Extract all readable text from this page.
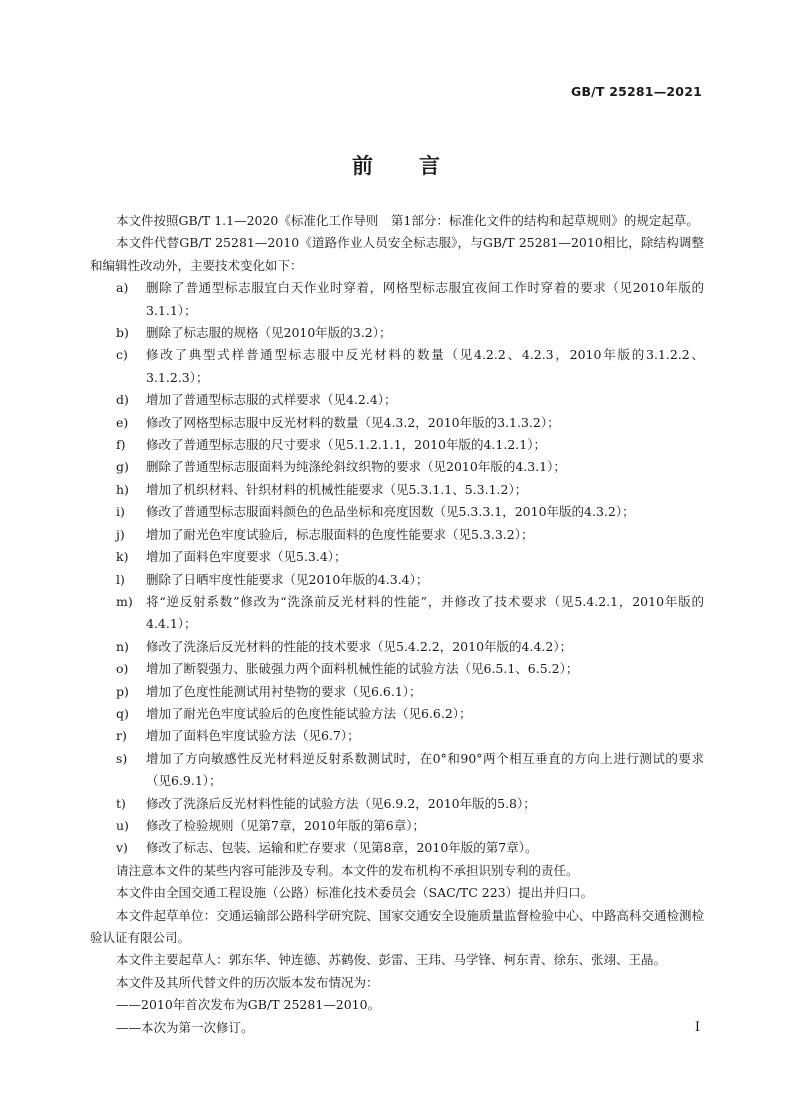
GB/T 25281—2021
前言

本文件按照GB/T 1.1—2020《标准化工作导则　第1部分：标准化文件的结构和起草规则》的规定起草。

本文件代替GB/T 25281—2010《道路作业人员安全标志服》，与GB/T 25281—2010相比，除结构调整和编辑性改动外，主要技术变化如下：

a)	删除了普通型标志服宜白天作业时穿着，网格型标志服宜夜间工作时穿着的要求（见2010年版的3.1.1）；
b)	删除了标志服的规格（见2010年版的3.2）；
c)	修改了典型式样普通型标志服中反光材料的数量（见4.2.2、4.2.3，2010年版的3.1.2.2、3.1.2.3）；
d)	增加了普通型标志服的式样要求（见4.2.4）；
e)	修改了网格型标志服中反光材料的数量（见4.3.2，2010年版的3.1.3.2）；
f)	修改了普通型标志服的尺寸要求（见5.1.2.1.1，2010年版的4.1.2.1）；
g)	删除了普通型标志服面料为纯涤纶斜纹织物的要求（见2010年版的4.3.1）；
h)	增加了机织材料、针织材料的机械性能要求（见5.3.1.1、5.3.1.2）；
i)	修改了普通型标志服面料颜色的色品坐标和亮度因数（见5.3.3.1，2010年版的4.3.2）；
j)	增加了耐光色牢度试验后，标志服面料的色度性能要求（见5.3.3.2）；
k)	增加了面料色牢度要求（见5.3.4）；
l)	删除了日晒牢度性能要求（见2010年版的4.3.4）；
m)	将“逆反射系数”修改为“洗涤前反光材料的性能”，并修改了技术要求（见5.4.2.1，2010年版的4.4.1）；
n)	修改了洗涤后反光材料的性能的技术要求（见5.4.2.2，2010年版的4.4.2）；
o)	增加了断裂强力、胀破强力两个面料机械性能的试验方法（见6.5.1、6.5.2）；
p)	增加了色度性能测试用衬垫物的要求（见6.6.1）；
q)	增加了耐光色牢度试验后的色度性能试验方法（见6.6.2）；
r)	增加了面料色牢度试验方法（见6.7）；
s)	增加了方向敏感性反光材料逆反射系数测试时，在0°和90°两个相互垂直的方向上进行测试的要求（见6.9.1）；
t)	修改了洗涤后反光材料性能的试验方法（见6.9.2，2010年版的5.8）；
u)	修改了检验规则（见第7章，2010年版的第6章）；
v)	修改了标志、包装、运输和贮存要求（见第8章，2010年版的第7章）。

请注意本文件的某些内容可能涉及专利。本文件的发布机构不承担识别专利的责任。

本文件由全国交通工程设施（公路）标准化技术委员会（SAC/TC 223）提出并归口。

本文件起草单位：交通运输部公路科学研究院、国家交通安全设施质量监督检验中心、中路高科交通检测检验认证有限公司。

本文件主要起草人：郭东华、钟连德、苏鹤俊、彭雷、王玮、马学锋、柯东青、徐东、张翊、王晶。

本文件及其所代替文件的历次版本发布情况为：

——2010年首次发布为GB/T 25281—2010。

——本次为第一次修订。	I
